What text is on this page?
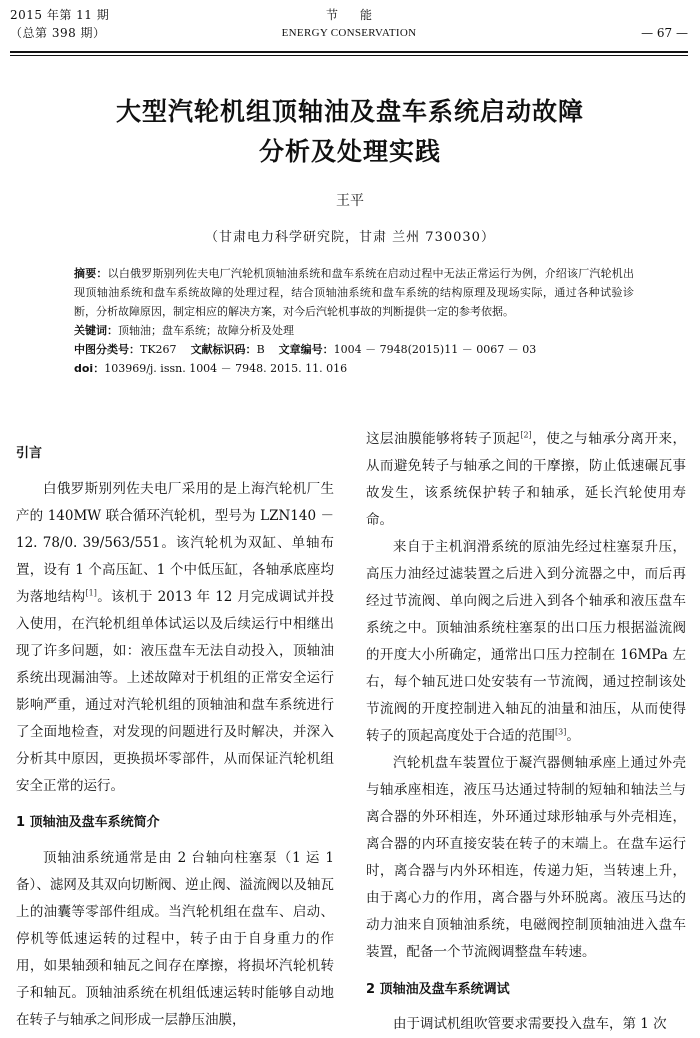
2015 年第 11 期
（总第 398 期）
节能
ENERGY CONSERVATION	— 67 —
大型汽轮机组顶轴油及盘车系统启动故障
分析及处理实践
王平
（甘肃电力科学研究院，甘肃 兰州 730030）

摘要：以白俄罗斯别列佐夫电厂汽轮机顶轴油系统和盘车系统在启动过程中无法正常运行为例，介绍该厂汽轮机出现顶轴油系统和盘车系统故障的处理过程，结合顶轴油系统和盘车系统的结构原理及现场实际，通过各种试验诊断，分析故障原因，制定相应的解决方案，对今后汽轮机事故的判断提供一定的参考依据。

关键词：顶轴油；盘车系统；故障分析及处理

中图分类号：TK267 文献标识码：B 文章编号：1004 － 7948(2015)11 － 0067 － 03

doi：103969/j. issn. 1004 － 7948. 2015. 11. 016

引言

白俄罗斯别列佐夫电厂采用的是上海汽轮机厂生产的 140MW 联合循环汽轮机，型号为 LZN140 － 12. 78/0. 39/563/551。该汽轮机为双缸、单轴布置，设有 1 个高压缸、1 个中低压缸，各轴承底座均为落地结构[1]。该机于 2013 年 12 月完成调试并投入使用，在汽轮机组单体试运以及后续运行中相继出现了许多问题，如：液压盘车无法自动投入，顶轴油系统出现漏油等。上述故障对于机组的正常安全运行影响严重，通过对汽轮机组的顶轴油和盘车系统进行了全面地检查，对发现的问题进行及时解决，并深入分析其中原因，更换损坏零部件，从而保证汽轮机组安全正常的运行。

1 顶轴油及盘车系统简介

顶轴油系统通常是由 2 台轴向柱塞泵（1 运 1 备）、滤网及其双向切断阀、逆止阀、溢流阀以及轴瓦上的油囊等零部件组成。当汽轮机组在盘车、启动、停机等低速运转的过程中，转子由于自身重力的作用，如果轴颈和轴瓦之间存在摩擦，将损坏汽轮机转子和轴瓦。顶轴油系统在机组低速运转时能够自动地在转子与轴承之间形成一层静压油膜，

这层油膜能够将转子顶起[2]，使之与轴承分离开来，从而避免转子与轴承之间的干摩擦，防止低速碾瓦事故发生，该系统保护转子和轴承，延长汽轮使用寿命。

来自于主机润滑系统的原油先经过柱塞泵升压，高压力油经过滤装置之后进入到分流器之中，而后再经过节流阀、单向阀之后进入到各个轴承和液压盘车系统之中。顶轴油系统柱塞泵的出口压力根据溢流阀的开度大小所确定，通常出口压力控制在 16MPa 左右，每个轴瓦进口处安装有一节流阀，通过控制该处节流阀的开度控制进入轴瓦的油量和油压，从而使得转子的顶起高度处于合适的范围[3]。

汽轮机盘车装置位于凝汽器侧轴承座上通过外壳与轴承座相连，液压马达通过特制的短轴和轴法兰与离合器的外环相连，外环通过球形轴承与外壳相连，离合器的内环直接安装在转子的末端上。在盘车运行时，离合器与内外环相连，传递力矩，当转速上升，由于离心力的作用，离合器与外环脱离。液压马达的动力油来自顶轴油系统，电磁阀控制顶轴油进入盘车装置，配备一个节流阀调整盘车转速。

2 顶轴油及盘车系统调试

由于调试机组吹管要求需要投入盘车，第 1 次
